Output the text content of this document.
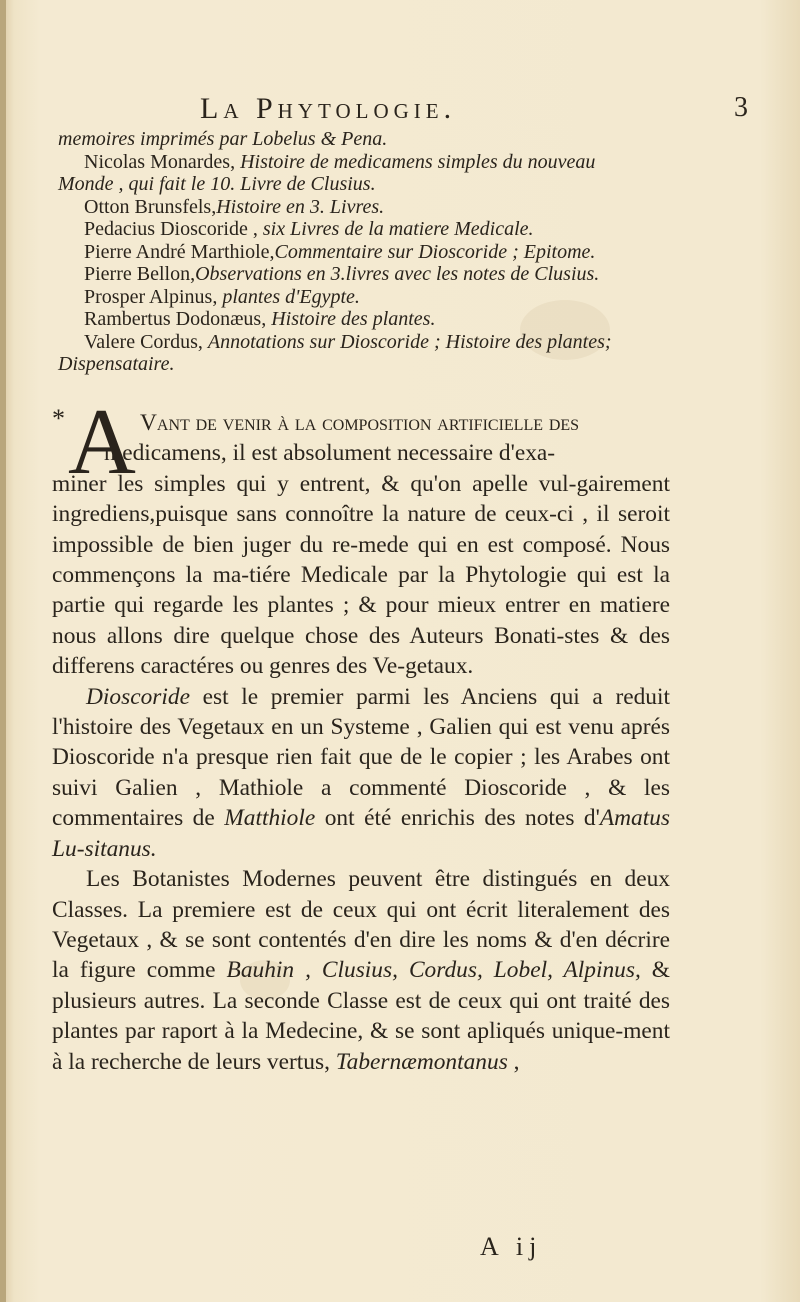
La Phytologie.	3
memoires imprimés par Lobelus & Pena.
Nicolas Monardes, Histoire de medicamens simples du nouveau
Monde , qui fait le 10. Livre de Clusius.
Otton Brunsfels,Histoire en 3. Livres.
Pedacius Dioscoride , six Livres de la matiere Medicale.
Pierre André Marthiole,Commentaire sur Dioscoride ; Epitome.
Pierre Bellon,Observations en 3.livres avec les notes de Clusius.
Prosper Alpinus, plantes d'Egypte.
Rambertus Dodonæus, Histoire des plantes.
Valere Cordus, Annotations sur Dioscoride ; Histoire des plantes;
Dispensataire.
* A Vant de venir à la composition artificielle des

medicamens, il est absolument necessaire d'exa-

miner les simples qui y entrent, & qu'on apelle vul-gairement ingrediens,puisque sans connoître la nature de ceux-ci , il seroit impossible de bien juger du re-mede qui en est composé. Nous commençons la ma-tiére Medicale par la Phytologie qui est la partie qui regarde les plantes ; & pour mieux entrer en matiere nous allons dire quelque chose des Auteurs Bonati-stes & des differens caractéres ou genres des Ve-getaux.

Dioscoride est le premier parmi les Anciens qui a reduit l'histoire des Vegetaux en un Systeme , Galien qui est venu aprés Dioscoride n'a presque rien fait que de le copier ; les Arabes ont suivi Galien , Mathiole a commenté Dioscoride , & les commentaires de Matthiole ont été enrichis des notes d'Amatus Lu-sitanus.

Les Botanistes Modernes peuvent être distingués en deux Classes. La premiere est de ceux qui ont écrit literalement des Vegetaux , & se sont contentés d'en dire les noms & d'en décrire la figure comme Bauhin , Clusius, Cordus, Lobel, Alpinus, & plusieurs autres. La seconde Classe est de ceux qui ont traité des plantes par raport à la Medecine, & se sont apliqués unique-ment à la recherche de leurs vertus, Tabernæmontanus ,

A ij
